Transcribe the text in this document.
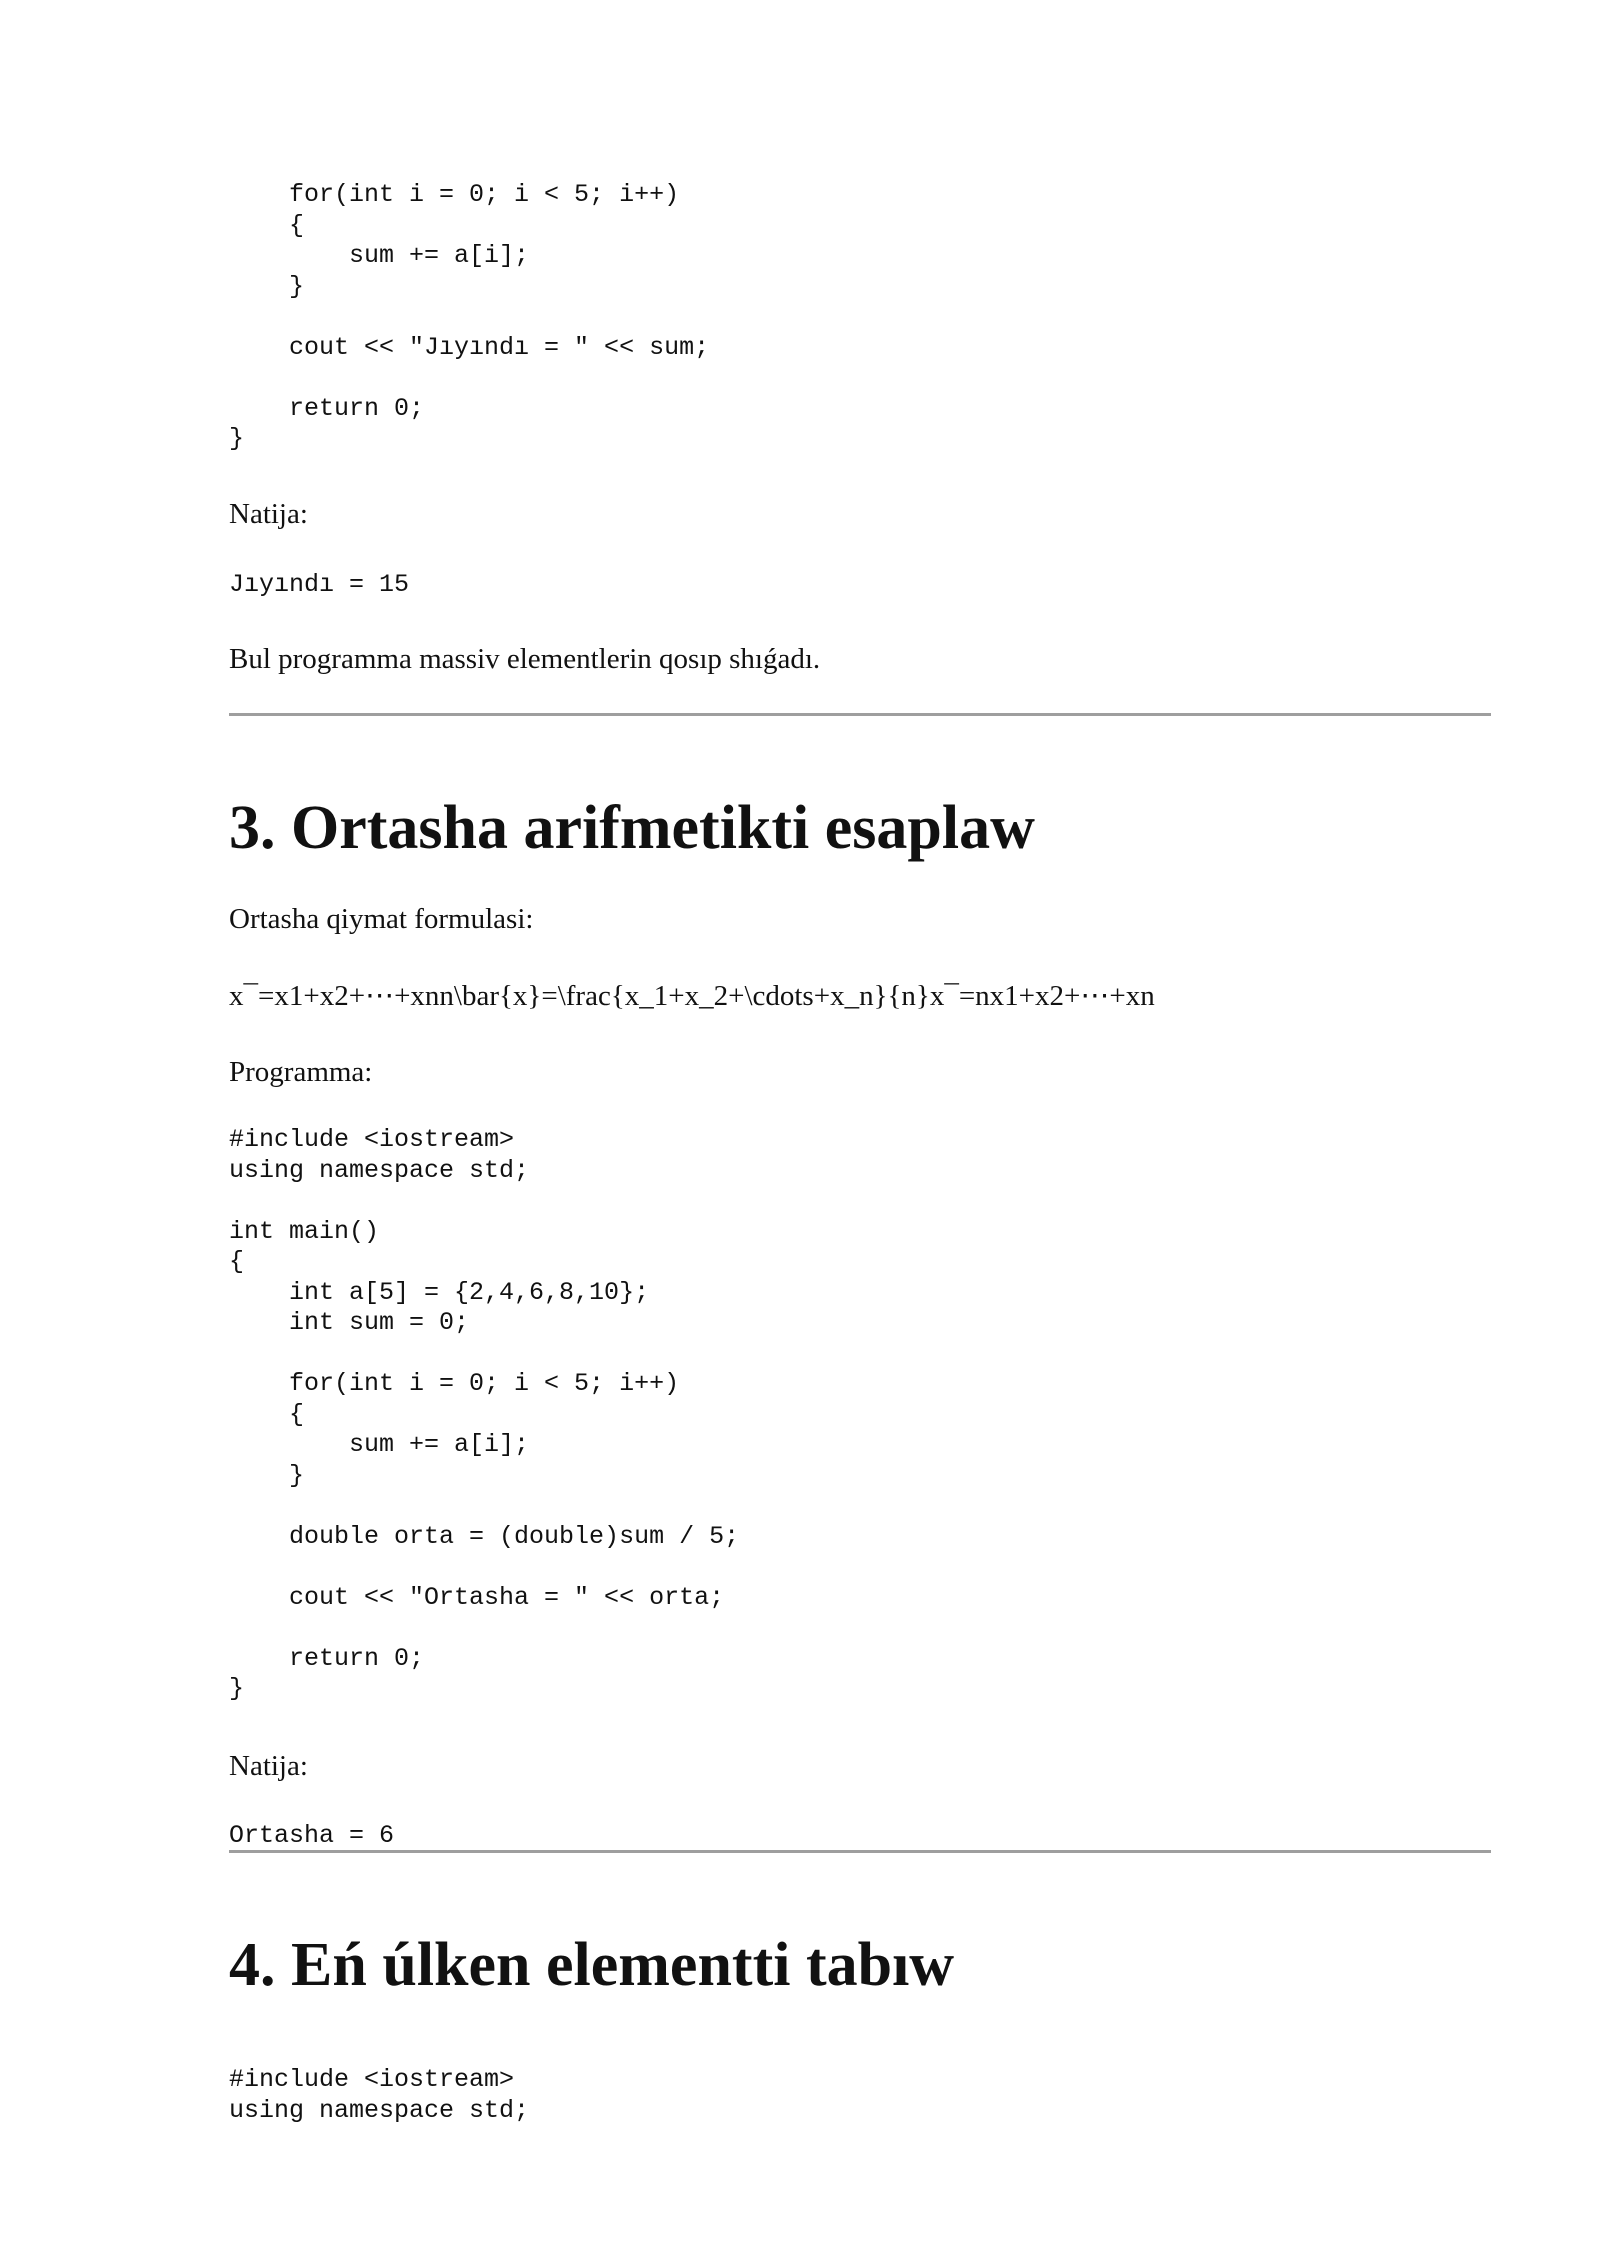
for(int i = 0; i < 5; i++)
{
sum += a[i];
}

cout << "Jıyındı = " << sum;

return 0;
}

Natija:

Jıyındı = 15

Bul programma massiv elementlerin qosıp shıǵadı.

3. Ortasha arifmetikti esaplaw

Ortasha qiymat formulasi:

x¯=x1+x2+⋯+xnn\bar{x}=\frac{x_1+x_2+\cdots+x_n}{n}x¯=nx1+x2+⋯+xn

Programma:

#include <iostream>
using namespace std;

int main()
{
int a[5] = {2,4,6,8,10};
int sum = 0;

for(int i = 0; i < 5; i++)
{
sum += a[i];
}

double orta = (double)sum / 5;

cout << "Ortasha = " << orta;

return 0;
}

Natija:

Ortasha = 6
4. Eń úlken elementti tabıw
#include <iostream>
using namespace std;
